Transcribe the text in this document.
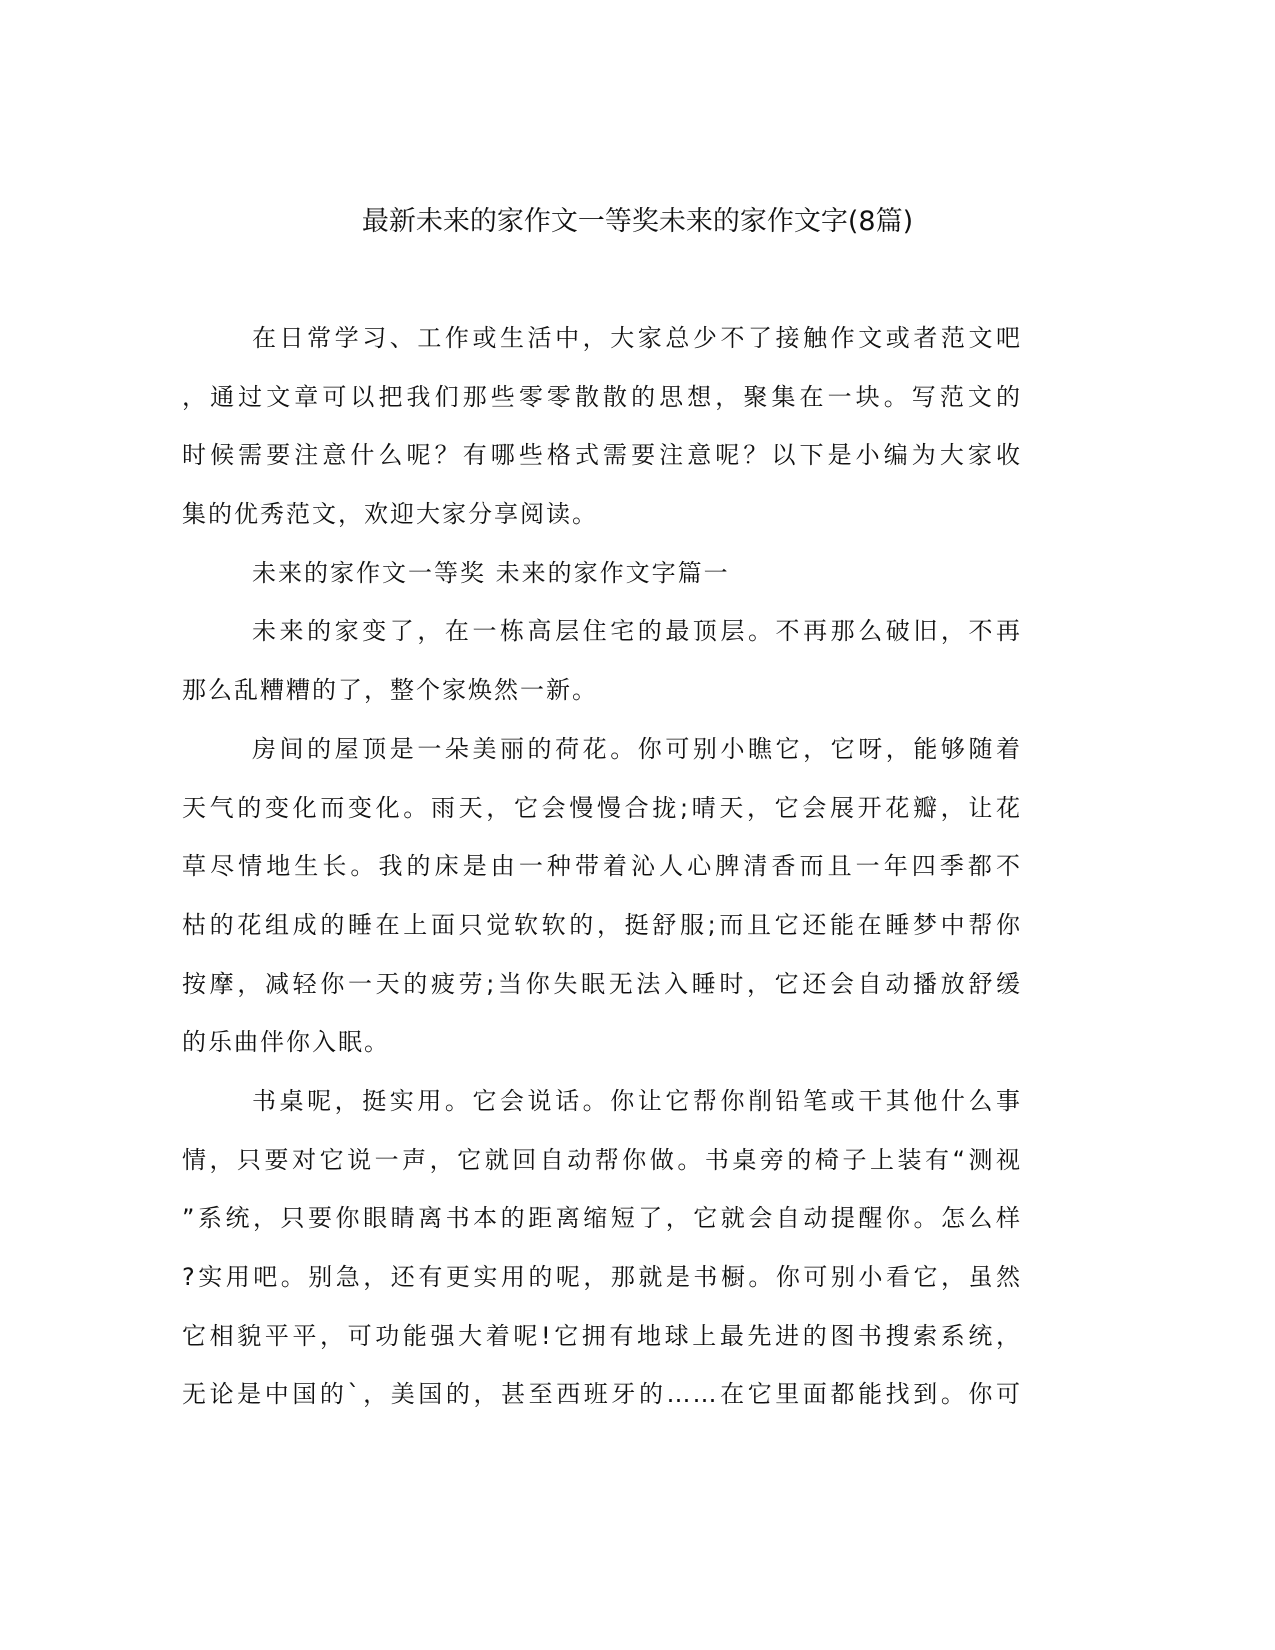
最新未来的家作文一等奖未来的家作文字(8篇)
在日常学习、工作或生活中，大家总少不了接触作文或者范文吧
，通过文章可以把我们那些零零散散的思想，聚集在一块。写范文的
时候需要注意什么呢？有哪些格式需要注意呢？以下是小编为大家收
集的优秀范文，欢迎大家分享阅读。
未来的家作文一等奖 未来的家作文字篇一
未来的家变了，在一栋高层住宅的最顶层。不再那么破旧，不再
那么乱糟糟的了，整个家焕然一新。
房间的屋顶是一朵美丽的荷花。你可别小瞧它，它呀，能够随着
天气的变化而变化。雨天，它会慢慢合拢;晴天，它会展开花瓣，让花
草尽情地生长。我的床是由一种带着沁人心脾清香而且一年四季都不
枯的花组成的睡在上面只觉软软的，挺舒服;而且它还能在睡梦中帮你
按摩，减轻你一天的疲劳;当你失眠无法入睡时，它还会自动播放舒缓
的乐曲伴你入眠。
书桌呢，挺实用。它会说话。你让它帮你削铅笔或干其他什么事
情，只要对它说一声，它就回自动帮你做。书桌旁的椅子上装有“测视
”系统，只要你眼睛离书本的距离缩短了，它就会自动提醒你。怎么样
?实用吧。别急，还有更实用的呢，那就是书橱。你可别小看它，虽然
它相貌平平，可功能强大着呢!它拥有地球上最先进的图书搜索系统，
无论是中国的`，美国的，甚至西班牙的……在它里面都能找到。你可
